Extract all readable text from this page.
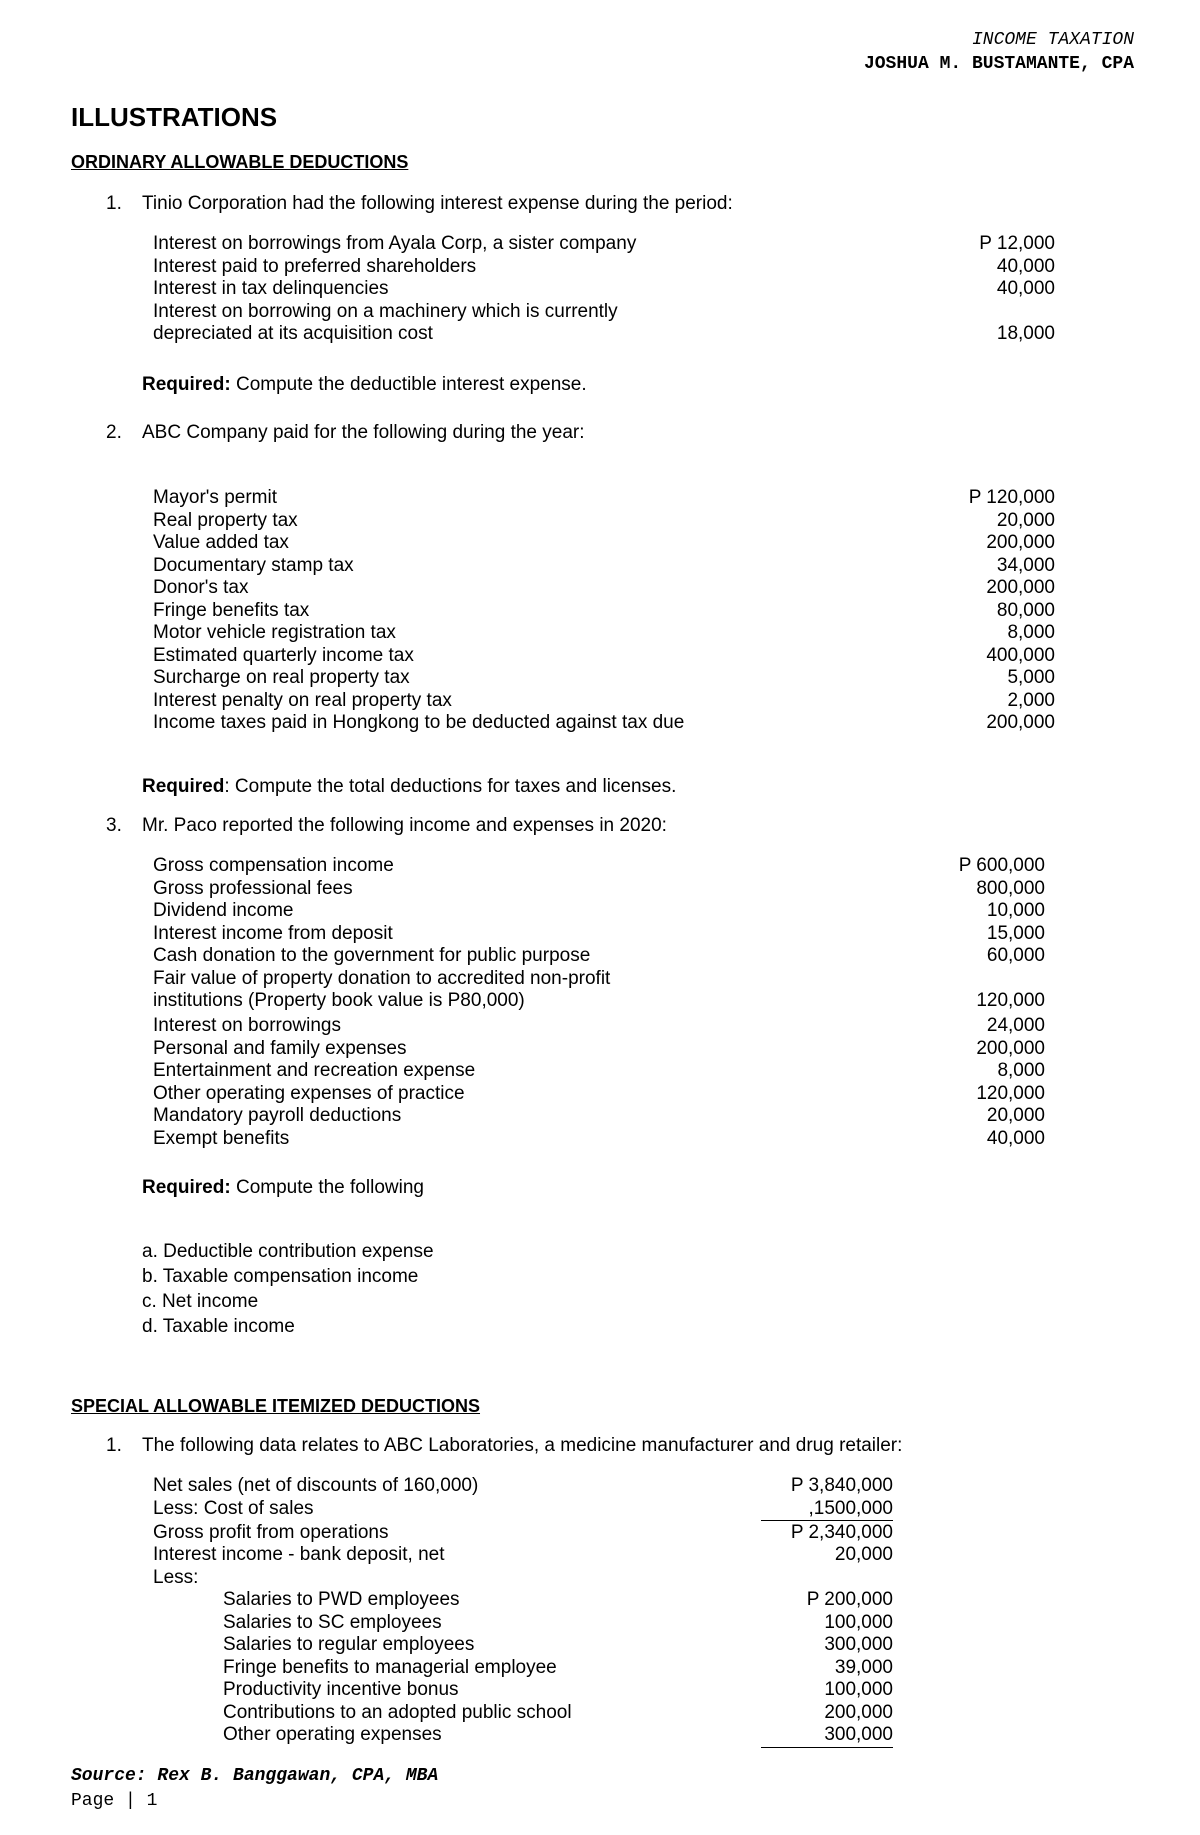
INCOME TAXATION
JOSHUA M. BUSTAMANTE, CPA
ILLUSTRATIONS
ORDINARY ALLOWABLE DEDUCTIONS
1. Tinio Corporation had the following interest expense during the period:
Interest on borrowings from Ayala Corp, a sister company	P 12,000
Interest paid to preferred shareholders	40,000
Interest in tax delinquencies	40,000
Interest on borrowing on a machinery which is currently
depreciated at its acquisition cost	18,000
Required: Compute the deductible interest expense.
2. ABC Company paid for the following during the year:
Mayor's permit	P 120,000
Real property tax	20,000
Value added tax	200,000
Documentary stamp tax	34,000
Donor's tax	200,000
Fringe benefits tax	80,000
Motor vehicle registration tax	8,000
Estimated quarterly income tax	400,000
Surcharge on real property tax	5,000
Interest penalty on real property tax	2,000
Income taxes paid in Hongkong to be deducted against tax due	200,000
Required: Compute the total deductions for taxes and licenses.
3. Mr. Paco reported the following income and expenses in 2020:
Gross compensation income	P 600,000
Gross professional fees	800,000
Dividend income	10,000
Interest income from deposit	15,000
Cash donation to the government for public purpose	60,000
Fair value of property donation to accredited non-profit
institutions (Property book value is P80,000)	120,000
Interest on borrowings	24,000
Personal and family expenses	200,000
Entertainment and recreation expense	8,000
Other operating expenses of practice	120,000
Mandatory payroll deductions	20,000
Exempt benefits	40,000
Required: Compute the following
a. Deductible contribution expense
b. Taxable compensation income
c. Net income
d. Taxable income
SPECIAL ALLOWABLE ITEMIZED DEDUCTIONS
1. The following data relates to ABC Laboratories, a medicine manufacturer and drug retailer:
Net sales (net of discounts of 160,000)	P 3,840,000
Less: Cost of sales	,1500,000
Gross profit from operations	P 2,340,000
Interest income - bank deposit, net	20,000
Less:
Salaries to PWD employees	P 200,000
Salaries to SC employees	100,000
Salaries to regular employees	300,000
Fringe benefits to managerial employee	39,000
Productivity incentive bonus	100,000
Contributions to an adopted public school	200,000
Other operating expenses	300,000
Source: Rex B. Banggawan, CPA, MBA
Page | 1
